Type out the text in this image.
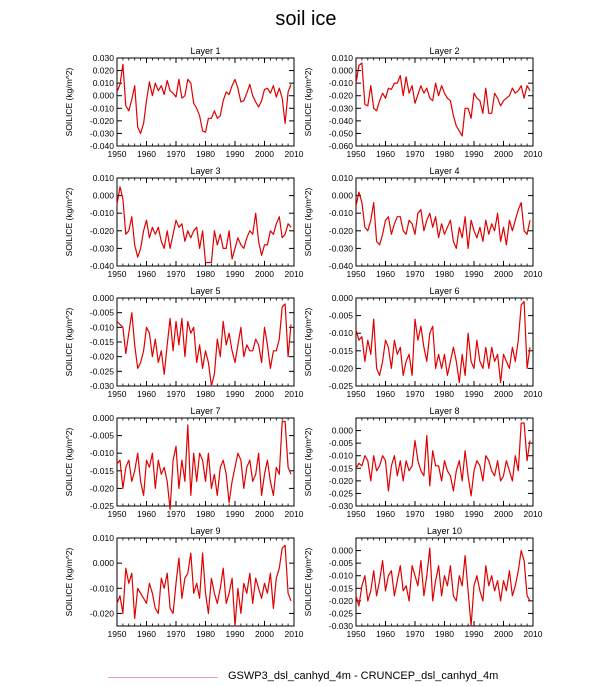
soil ice
Layer 1
SOILICE (kg/m^2)
1950 1960 1970 1980 1990 2000 2010
0.030
0.020
0.010
0.000
-0.010
-0.020
-0.030
-0.040
Layer 2
SOILICE (kg/m^2)
1950 1960 1970 1980 1990 2000 2010
0.010
0.000
-0.010
-0.020
-0.030
-0.040
-0.050
-0.060
Layer 3
SOILICE (kg/m^2)
1950 1960 1970 1980 1990 2000 2010
0.010
0.000
-0.010
-0.020
-0.030
-0.040
Layer 4
SOILICE (kg/m^2)
1950 1960 1970 1980 1990 2000 2010
0.010
0.000
-0.010
-0.020
-0.030
-0.040
Layer 5
SOILICE (kg/m^2)
1950 1960 1970 1980 1990 2000 2010
0.000
-0.005
-0.010
-0.015
-0.020
-0.025
-0.030
Layer 6
SOILICE (kg/m^2)
1950 1960 1970 1980 1990 2000 2010
0.000
-0.005
-0.010
-0.015
-0.020
-0.025
Layer 7
SOILICE (kg/m^2)
1950 1960 1970 1980 1990 2000 2010
0.000
-0.005
-0.010
-0.015
-0.020
-0.025
Layer 8
SOILICE (kg/m^2)
1950 1960 1970 1980 1990 2000 2010
0.000
-0.005
-0.010
-0.015
-0.020
-0.025
-0.030
Layer 9
SOILICE (kg/m^2)
1950 1960 1970 1980 1990 2000 2010
0.010
0.000
-0.010
-0.020
Layer 10
SOILICE (kg/m^2)
1950 1960 1970 1980 1990 2000 2010
0.000
-0.005
-0.010
-0.015
-0.020
-0.025
-0.030
GSWP3_dsl_canhyd_4m - CRUNCEP_dsl_canhyd_4m
